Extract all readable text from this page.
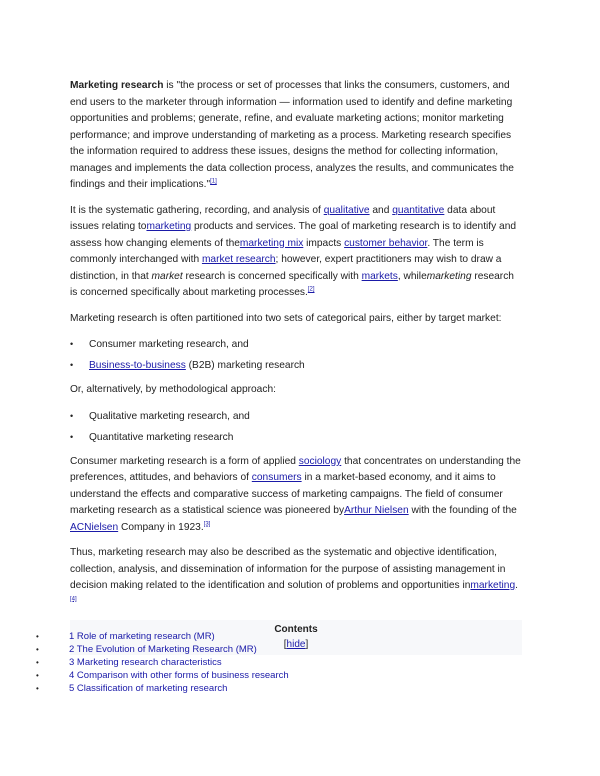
Marketing research is "the process or set of processes that links the consumers, customers, and end users to the marketer through information — information used to identify and define marketing opportunities and problems; generate, refine, and evaluate marketing actions; monitor marketing performance; and improve understanding of marketing as a process. Marketing research specifies the information required to address these issues, designs the method for collecting information, manages and implements the data collection process, analyzes the results, and communicates the findings and their implications."[1]

It is the systematic gathering, recording, and analysis of qualitative and quantitative data about issues relating tomarketing products and services. The goal of marketing research is to identify and assess how changing elements of themarketing mix impacts customer behavior. The term is commonly interchanged with market research; however, expert practitioners may wish to draw a distinction, in that market research is concerned specifically with markets, whilemarketing research is concerned specifically about marketing processes.[2]

Marketing research is often partitioned into two sets of categorical pairs, either by target market:

• Consumer marketing research, and
• Business-to-business (B2B) marketing research

Or, alternatively, by methodological approach:

• Qualitative marketing research, and
• Quantitative marketing research

Consumer marketing research is a form of applied sociology that concentrates on understanding the preferences, attitudes, and behaviors of consumers in a market-based economy, and it aims to understand the effects and comparative success of marketing campaigns. The field of consumer marketing research as a statistical science was pioneered byArthur Nielsen with the founding of the ACNielsen Company in 1923.[3]

Thus, marketing research may also be described as the systematic and objective identification, collection, analysis, and dissemination of information for the purpose of assisting management in decision making related to the identification and solution of problems and opportunities inmarketing.[4]

Contents
[hide]
• 1 Role of marketing research (MR)
• 2 The Evolution of Marketing Research (MR)
• 3 Marketing research characteristics
• 4 Comparison with other forms of business research
• 5 Classification of marketing research
